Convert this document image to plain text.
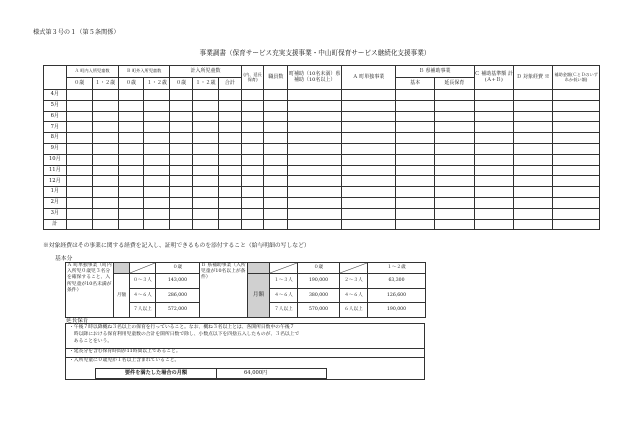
様式第３号の１（第５条関係）
事業調書（保育サービス充実支援事業・中山町保育サービス継続化支援事業）
	Ａ 町内入所児童数		Ｂ 町外入所児童数		計入所児童数			(内、延長保育)	職員数	町補助（10名未満）県補助（10名以上）	Ａ 町単独事業	Ｂ 県補助事業		Ｃ 補助基準額 計(Ａ+Ｂ)	Ｄ 対象経費 ※	補助金額(ＣとＤのいずれか低い額)
	０歳	１・２歳	０歳	１・２歳	０歳	１・２歳	合計					基本	延長保育			
4月																
5月																
6月																
7月																
8月																
9月																
10月																
11月																
12月																
1月																
2月																
3月																
計																
※対象経費はその事業に関する経費を記入し、証明できるものを添付すること（給与明細の写しなど）
基本分
Ａ 町単独事業（町内入所児０歳児３名分を確保すること、入所児童が10名未満が条件）			０歳	Ｂ 県補助事業（入所児童が10名以上が条件）			０歳		１～２歳
	月額	０～３人	143,000		月額	１～３人	190,000	２～３人	63,300
		４～６人	286,000			４～６人	380,000	４～６人	126,600
		７人以上	572,000			７人以上	570,000	６人以上	190,000
延長保育
・午後７時以降概ね３名以上の保育を行っていること。なお、概ね３名以上とは、各開所日数中の午後７
　時以降における保育利用児童数の合計を開所日数で除し、小数点以下を四捨五入したものが、３名以上で
　あることをいう。
・延長分を含む保育時間が11時間以上であること。
・入所児童に０歳児が１名以上含まれていること。
要件を満たした場合の月額	64,000円
